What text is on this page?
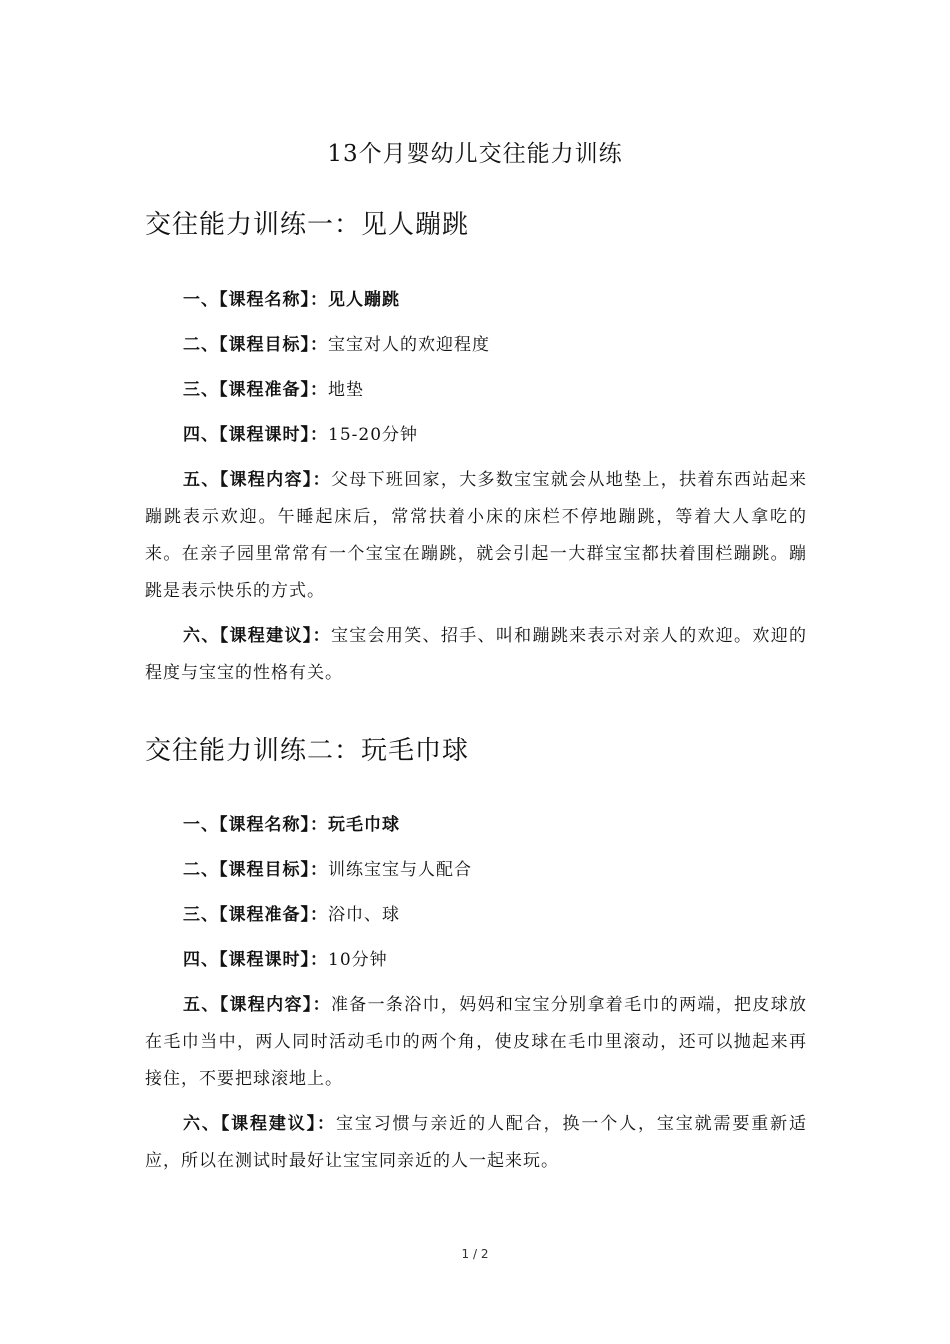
13个月婴幼儿交往能力训练
交往能力训练一：见人蹦跳

一、【课程名称】：见人蹦跳

二、【课程目标】：宝宝对人的欢迎程度

三、【课程准备】：地垫

四、【课程课时】：15-20分钟

五、【课程内容】：父母下班回家，大多数宝宝就会从地垫上，扶着东西站起来蹦跳表示欢迎。午睡起床后，常常扶着小床的床栏不停地蹦跳，等着大人拿吃的来。在亲子园里常常有一个宝宝在蹦跳，就会引起一大群宝宝都扶着围栏蹦跳。蹦跳是表示快乐的方式。

六、【课程建议】：宝宝会用笑、招手、叫和蹦跳来表示对亲人的欢迎。欢迎的程度与宝宝的性格有关。

交往能力训练二：玩毛巾球

一、【课程名称】：玩毛巾球

二、【课程目标】：训练宝宝与人配合

三、【课程准备】：浴巾、球

四、【课程课时】：10分钟

五、【课程内容】：准备一条浴巾，妈妈和宝宝分别拿着毛巾的两端，把皮球放在毛巾当中，两人同时活动毛巾的两个角，使皮球在毛巾里滚动，还可以抛起来再接住，不要把球滚地上。

六、【课程建议】：宝宝习惯与亲近的人配合，换一个人，宝宝就需要重新适应，所以在测试时最好让宝宝同亲近的人一起来玩。

1 / 2
